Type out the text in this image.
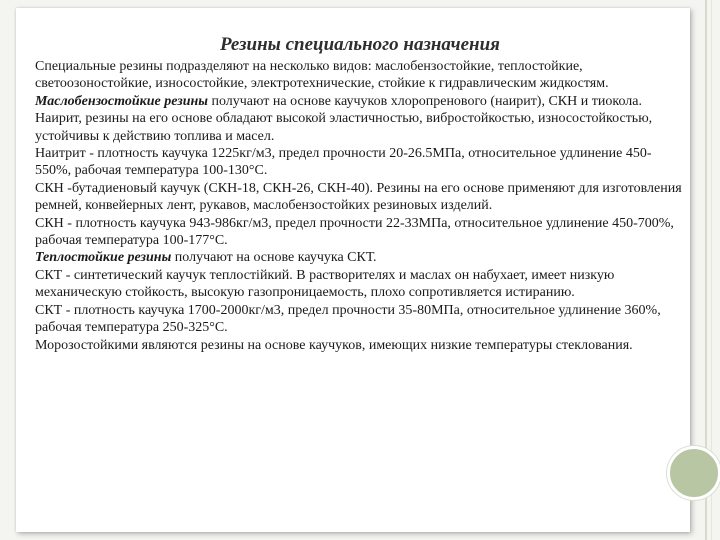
Резины специального назначения

Специальные резины подразделяют на несколько видов: маслобензостойкие, теплостойкие, светоозоностойкие, износостойкие, электротехнические, стойкие к гидравлическим жидкостям.

Маслобензостойкие резины получают на основе каучуков хлоропренового (наирит), СКН и тиокола.

Наирит, резины на его основе обладают высокой эластичностью, вибростойкостью, износостойкостью, устойчивы к действию топлива и масел.

Наитрит - плотность каучука 1225кг/м3, предел прочности 20-26.5МПа, относительное удлинение 450-550%, рабочая температура 100-130°С.

СКН -бутадиеновый каучук (СКН-18, СКН-26, СКН-40). Резины на его основе применяют для изготовления ремней, конвейерных лент, рукавов, маслобензостойких резиновых изделий.

СКН - плотность каучука 943-986кг/м3, предел прочности 22-33МПа, относительное удлинение 450-700%, рабочая температура 100-177°С.

Теплостойкие резины получают на основе каучука СКТ.

СКТ - синтетический каучук теплостійкий. В растворителях и маслах он набухает, имеет низкую механическую стойкость, высокую газопроницаемость, плохо сопротивляется истиранию.

СКТ - плотность каучука 1700-2000кг/м3, предел прочности 35-80МПа, относительное удлинение 360%, рабочая температура 250-325°С.

Морозостойкими являются резины на основе каучуков, имеющих низкие температуры стеклования.
